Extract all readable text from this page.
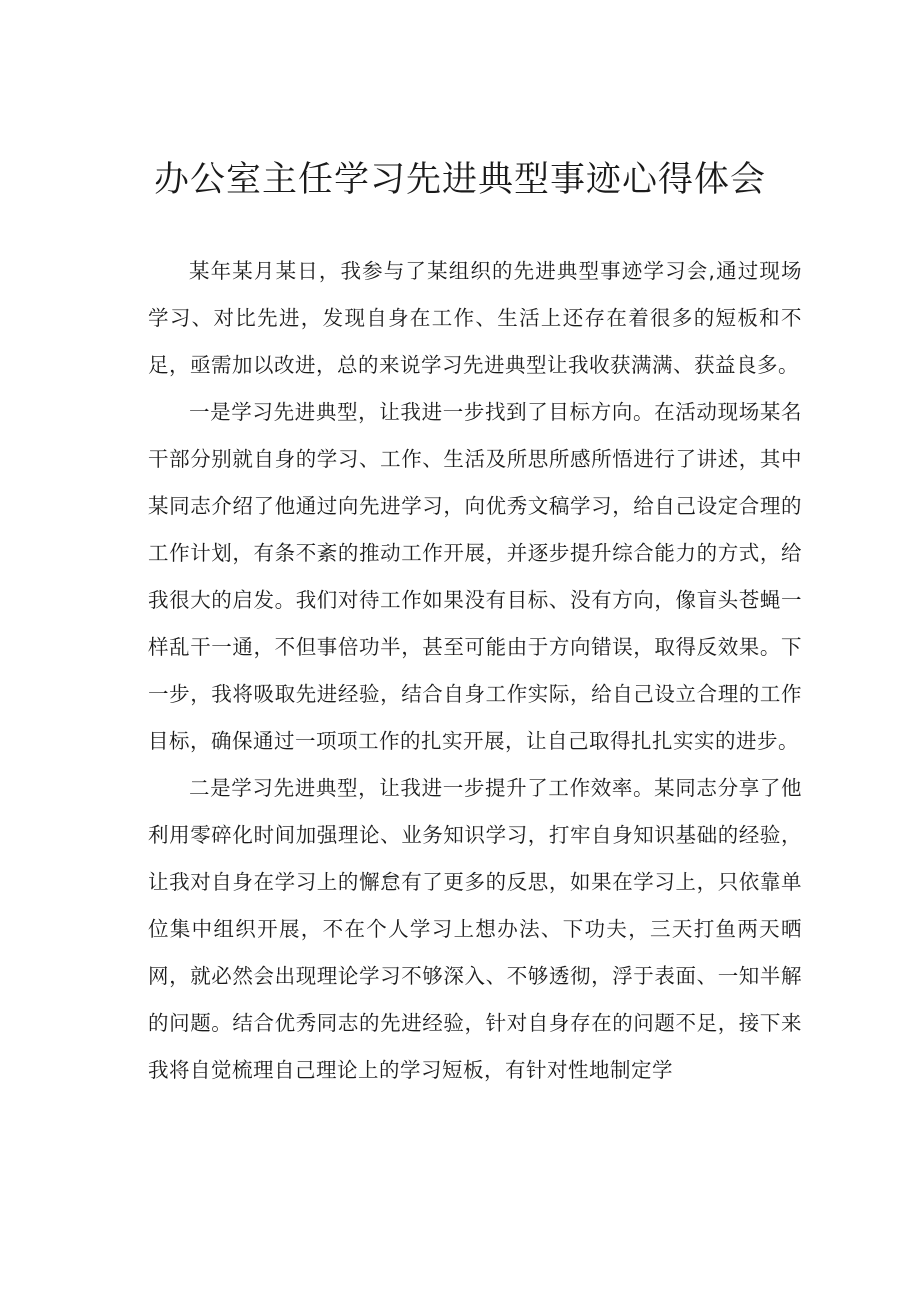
办公室主任学习先进典型事迹心得体会

某年某月某日，我参与了某组织的先进典型事迹学习会,通过现场学习、对比先进，发现自身在工作、生活上还存在着很多的短板和不足，亟需加以改进，总的来说学习先进典型让我收获满满、获益良多。

一是学习先进典型，让我进一步找到了目标方向。在活动现场某名干部分别就自身的学习、工作、生活及所思所感所悟进行了讲述，其中某同志介绍了他通过向先进学习，向优秀文稿学习，给自己设定合理的工作计划，有条不紊的推动工作开展，并逐步提升综合能力的方式，给我很大的启发。我们对待工作如果没有目标、没有方向，像盲头苍蝇一样乱干一通，不但事倍功半，甚至可能由于方向错误，取得反效果。下一步，我将吸取先进经验，结合自身工作实际，给自己设立合理的工作目标，确保通过一项项工作的扎实开展，让自己取得扎扎实实的进步。

二是学习先进典型，让我进一步提升了工作效率。某同志分享了他利用零碎化时间加强理论、业务知识学习，打牢自身知识基础的经验，让我对自身在学习上的懈怠有了更多的反思，如果在学习上，只依靠单位集中组织开展，不在个人学习上想办法、下功夫，三天打鱼两天晒网，就必然会出现理论学习不够深入、不够透彻，浮于表面、一知半解的问题。结合优秀同志的先进经验，针对自身存在的问题不足，接下来我将自觉梳理自己理论上的学习短板，有针对性地制定学
